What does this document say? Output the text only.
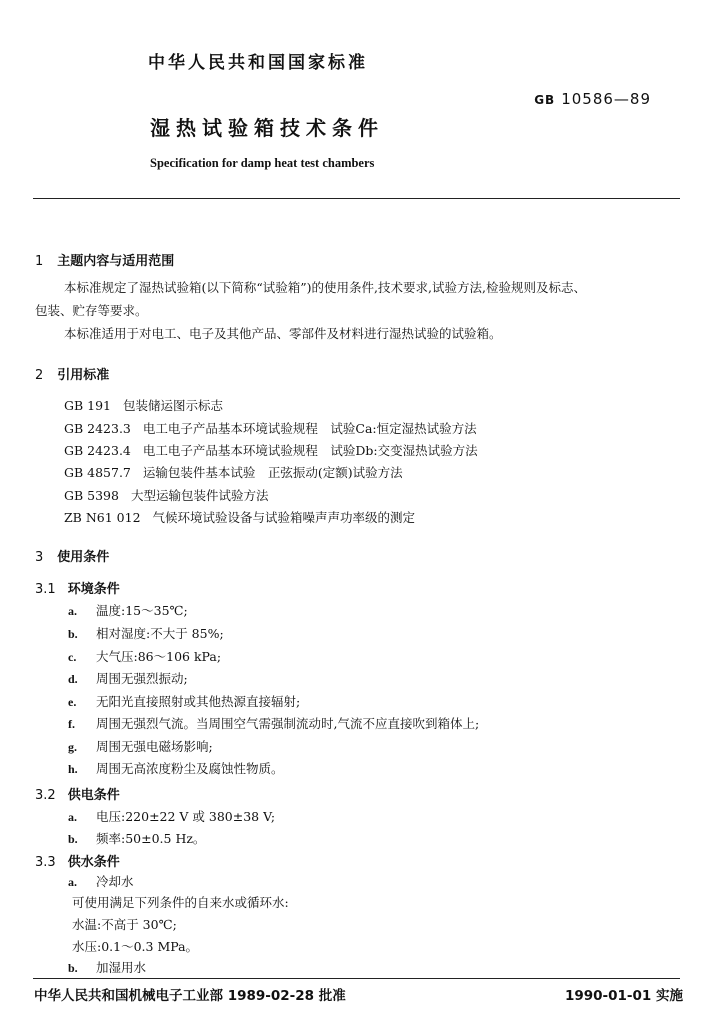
中华人民共和国国家标准
GB 10586—89
湿热试验箱技术条件
Specification for damp heat test chambers
1 主题内容与适用范围
本标准规定了湿热试验箱(以下简称“试验箱”)的使用条件,技术要求,试验方法,检验规则及标志、
包装、贮存等要求。
本标准适用于对电工、电子及其他产品、零部件及材料进行湿热试验的试验箱。
2 引用标准
GB 191 包装储运图示标志
GB 2423.3 电工电子产品基本环境试验规程　试验Ca:恒定湿热试验方法
GB 2423.4 电工电子产品基本环境试验规程　试验Db:交变湿热试验方法
GB 4857.7 运输包装件基本试验　正弦振动(定额)试验方法
GB 5398 大型运输包装件试验方法
ZB N61 012 气候环境试验设备与试验箱噪声声功率级的测定
3 使用条件
3.1 环境条件
a. 温度:15～35℃;
b. 相对湿度:不大于 85%;
c. 大气压:86～106 kPa;
d. 周围无强烈振动;
e. 无阳光直接照射或其他热源直接辐射;
f. 周围无强烈气流。当周围空气需强制流动时,气流不应直接吹到箱体上;
g. 周围无强电磁场影响;
h. 周围无高浓度粉尘及腐蚀性物质。
3.2 供电条件
a. 电压:220±22 V 或 380±38 V;
b. 频率:50±0.5 Hz。
3.3 供水条件
a. 冷却水
可使用满足下列条件的自来水或循环水:
水温:不高于 30℃;
水压:0.1～0.3 MPa。
b. 加湿用水
中华人民共和国机械电子工业部 1989-02-28 批准	1990-01-01 实施
